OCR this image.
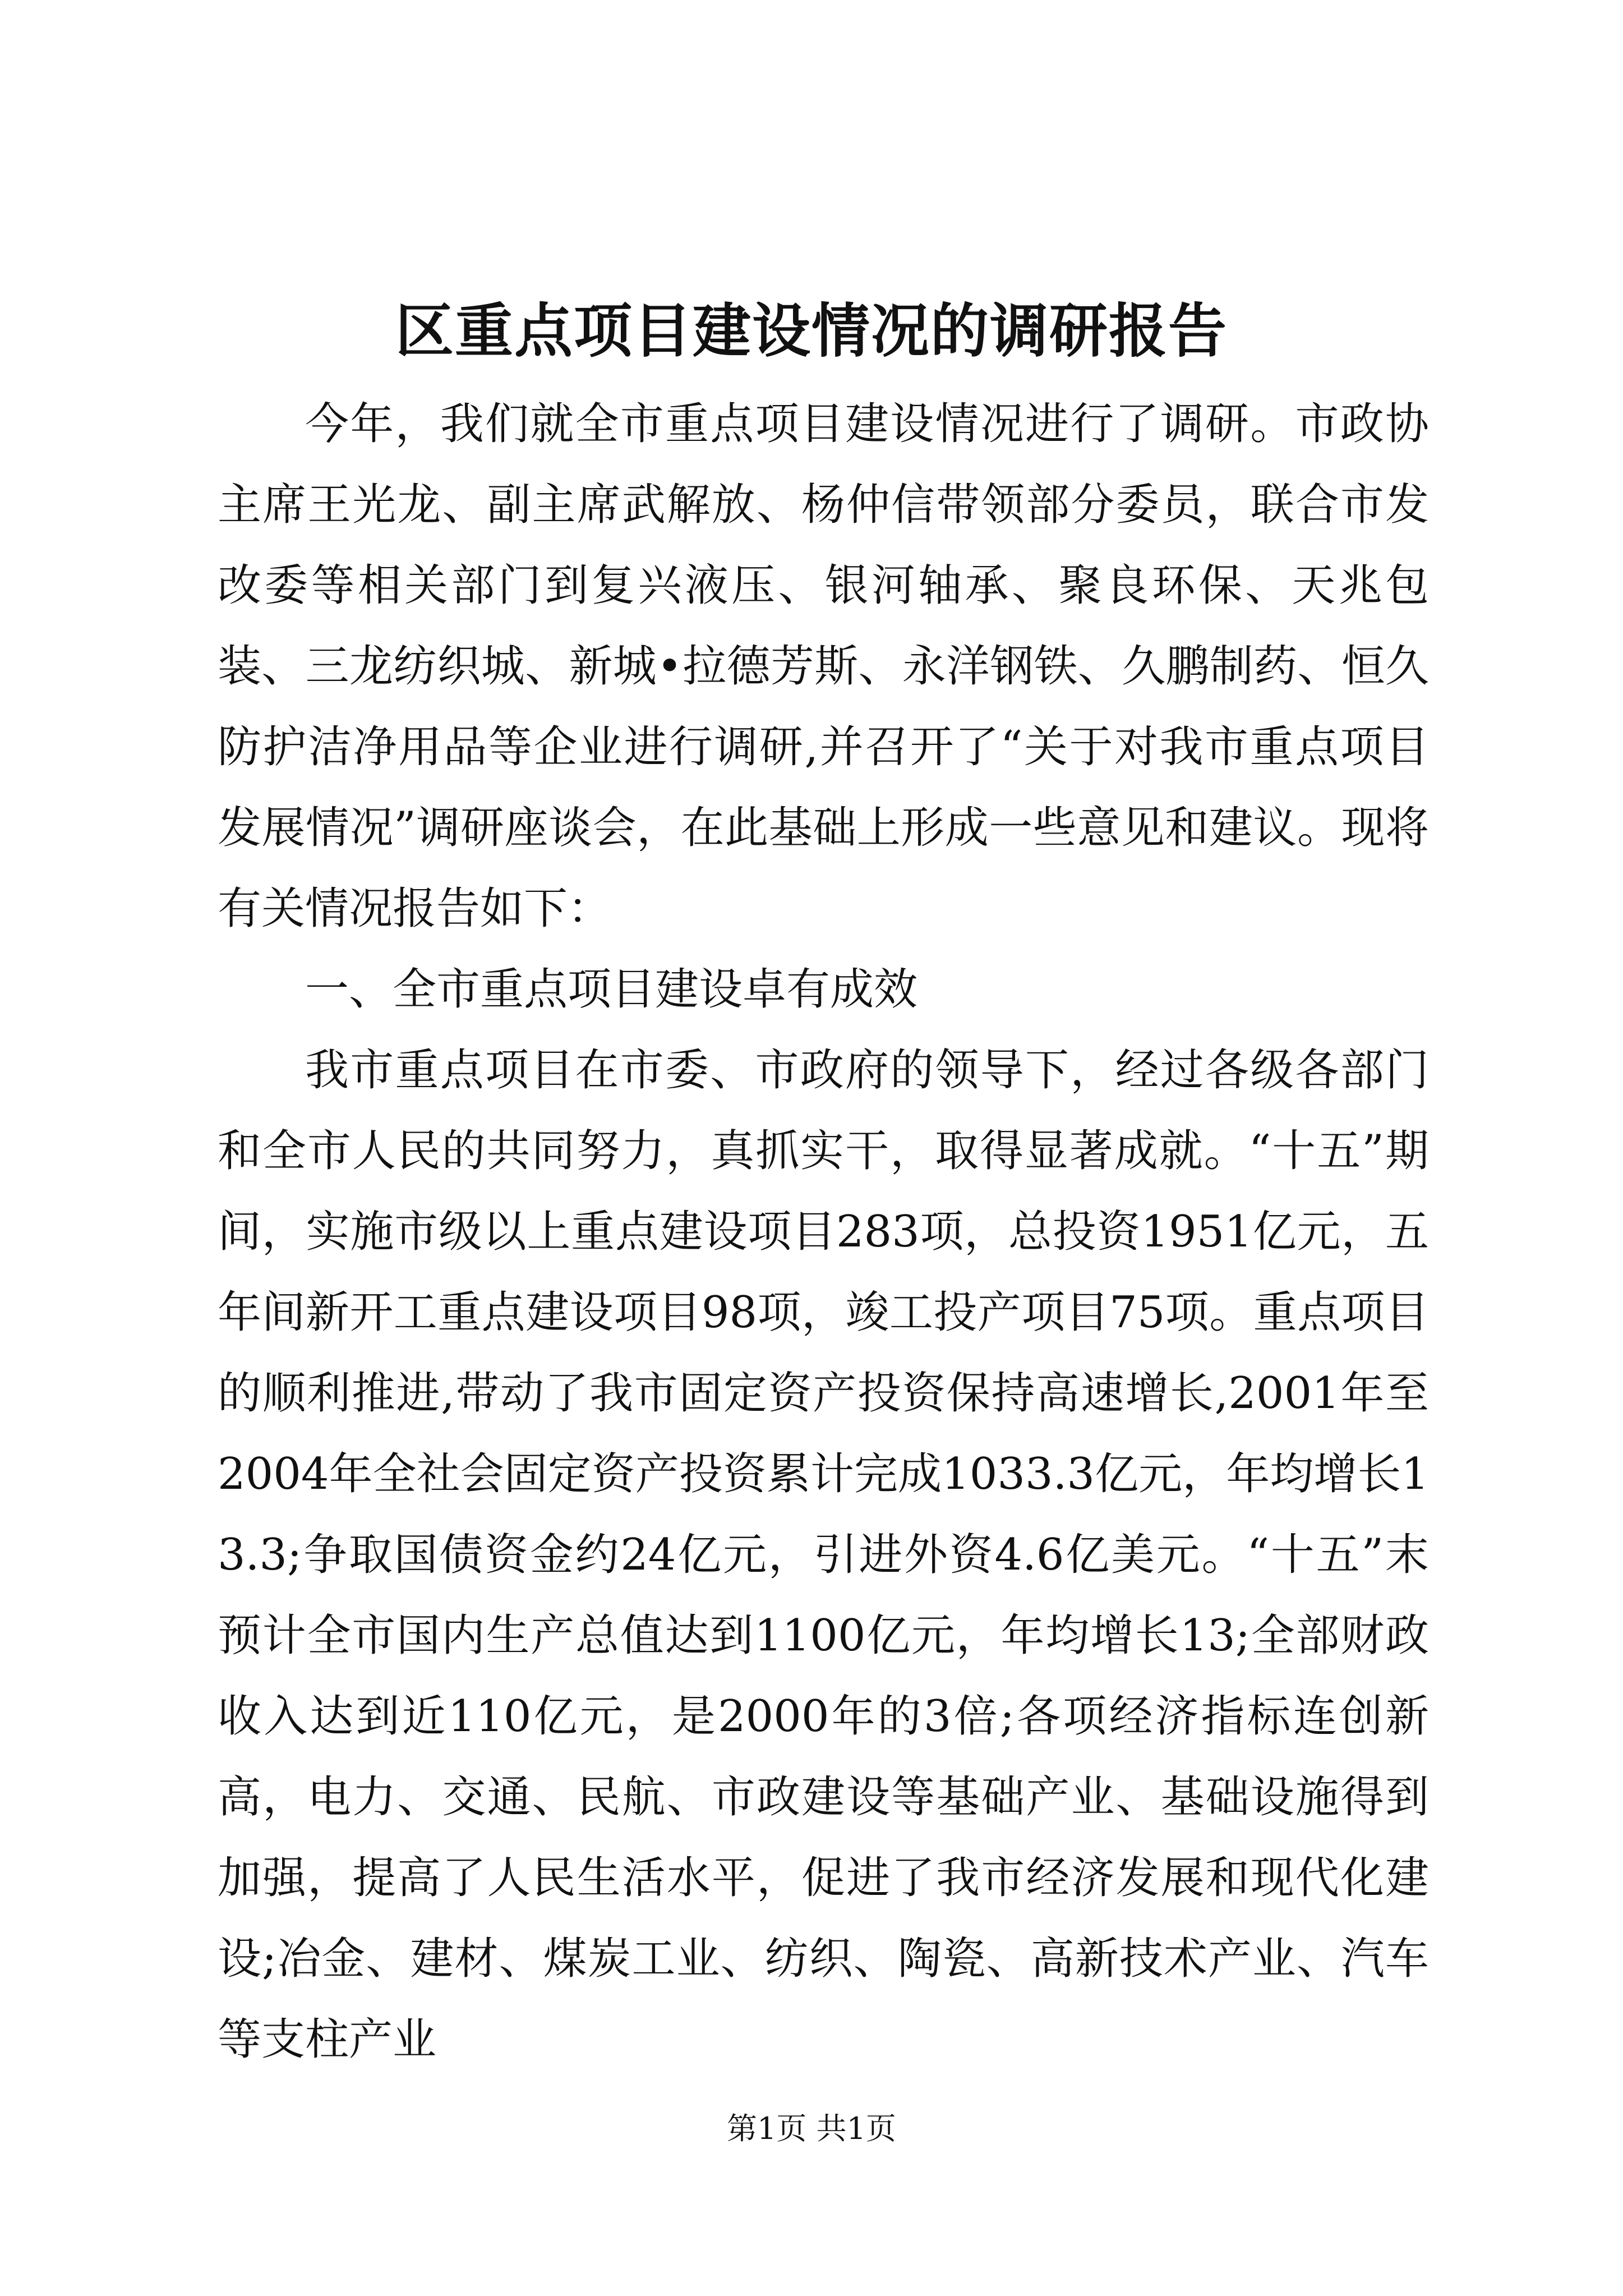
区重点项目建设情况的调研报告

今年，我们就全市重点项目建设情况进行了调研。市政协主席王光龙、副主席武解放、杨仲信带领部分委员，联合市发改委等相关部门到复兴液压、银河轴承、聚良环保、天兆包装、三龙纺织城、新城•拉德芳斯、永洋钢铁、久鹏制药、恒久防护洁净用品等企业进行调研,并召开了“关于对我市重点项目发展情况”调研座谈会，在此基础上形成一些意见和建议。现将有关情况报告如下：

一、全市重点项目建设卓有成效

我市重点项目在市委、市政府的领导下，经过各级各部门和全市人民的共同努力，真抓实干，取得显著成就。“十五”期间，实施市级以上重点建设项目283项，总投资1951亿元，五年间新开工重点建设项目98项，竣工投产项目75项。重点项目的顺利推进,带动了我市固定资产投资保持高速增长,2001年至2004年全社会固定资产投资累计完成1033.3亿元，年均增长13.3;争取国债资金约24亿元，引进外资4.6亿美元。“十五”末预计全市国内生产总值达到1100亿元，年均增长13;全部财政收入达到近110亿元，是2000年的3倍;各项经济指标连创新高，电力、交通、民航、市政建设等基础产业、基础设施得到加强，提高了人民生活水平，促进了我市经济发展和现代化建设;冶金、建材、煤炭工业、纺织、陶瓷、高新技术产业、汽车等支柱产业

第1页 共1页
